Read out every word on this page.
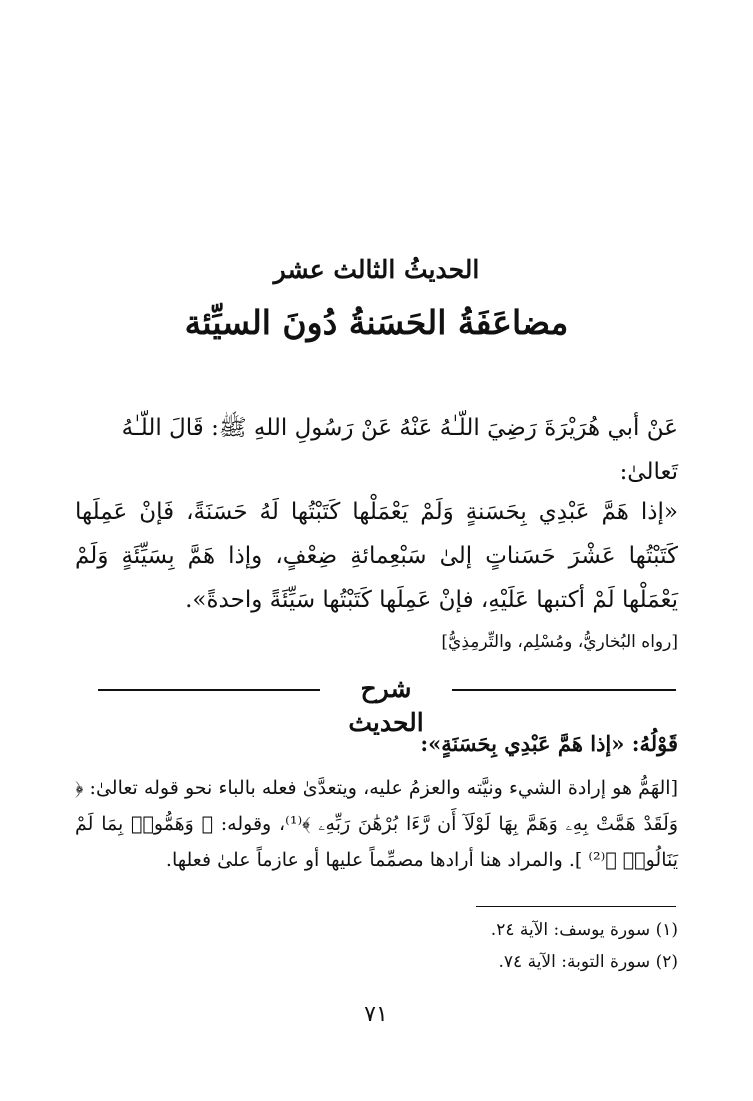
الحديثُ الثالث عشر
مضاعَفَةُ الحَسَنةُ دُونَ السيِّئة

عَنْ أبي هُرَيْرَةَ رَضِيَ اللّـٰهُ عَنْهُ عَنْ رَسُولِ اللهِ ﷺ: قَالَ اللّـٰهُ تَعالىٰ:

«إذا هَمَّ عَبْدِي بِحَسَنةٍ وَلَمْ يَعْمَلْها كَتَبْتُها لَهُ حَسَنَةً، فَإنْ عَمِلَها كَتَبْتُها عَشْرَ حَسَناتٍ إلىٰ سَبْعِمائةِ ضِعْفٍ، وإذا هَمَّ بِسَيِّئَةٍ وَلَمْ يَعْمَلْها لَمْ أكتبها عَلَيْهِ، فإنْ عَمِلَها كَتَبْتُها سَيِّئَةً واحدةً».

[رواه البُخاريُّ، ومُسْلِم، والتِّرمِذِيُّ]

شرح الحديث

قَوْلُهُ: «إذا هَمَّ عَبْدِي بِحَسَنَةٍ»:

[الهَمُّ هو إرادة الشيء ونيَّته والعزمُ عليه، ويتعدَّىٰ فعله بالباء نحو قوله تعالىٰ: ﴿ وَلَقَدْ هَمَّتْ بِهِۦ وَهَمَّ بِهَا لَوْلَآ أَن رَّءَا بُرْهَٰنَ رَبِّهِۦ ﴾⁽¹⁾، وقوله: ﴿ وَهَمُّوا۟ بِمَا لَمْ يَنَالُوا۟ ﴾⁽²⁾ ]. والمراد هنا أرادها مصمِّماً عليها أو عازماً علىٰ فعلها.

(١) سورة يوسف: الآية ٢٤.

(٢) سورة التوبة: الآية ٧٤.

٧١
